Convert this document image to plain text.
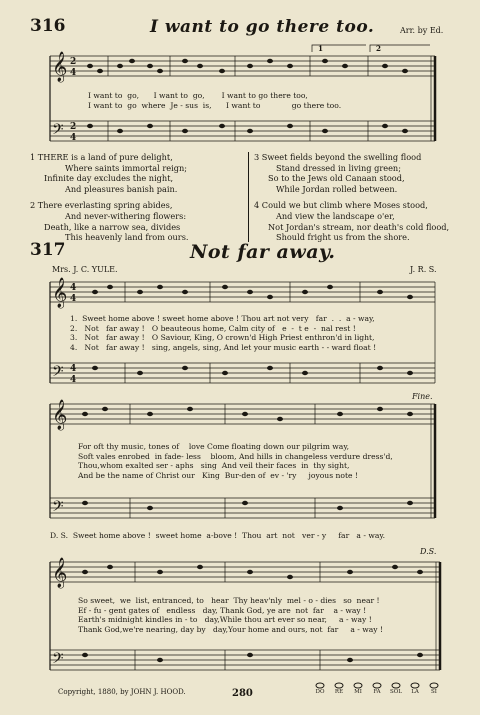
316	I want to go there too.	Arr. by Ed.
𝄞 2
4
𝄢 2
4
𝄞 4
4
𝄢 4
4
𝄞
𝄢
𝄞
𝄢
1	2
I want to  go,      I want to  go,       I want to go there too,
I want to  go  where  Je - sus  is,      I want to             go there too.
1 THERE is a land of pure delight,
Where saints immortal reign;
Infinite day excludes the night,
And pleasures banish pain.
2 There everlasting spring abides,
And never-withering flowers:
Death, like a narrow sea, divides
This heavenly land from ours.
3 Sweet fields beyond the swelling flood
Stand dressed in living green;
So to the Jews old Canaan stood,
While Jordan rolled between.
4 Could we but climb where Moses stood,
And view the landscape o'er,
Not Jordan's stream, nor death's cold flood,
Should fright us from the shore.
317	Not far away.
Mrs. J. C. YULE.	J. R. S.
1.  Sweet home above ! sweet home above ! Thou art not very   far  .  .  a - way,
2.   Not   far away !   O beauteous home, Calm city of   e  -  t e  -  nal rest !
3.   Not   far away !   O Saviour, King, O crown'd High Priest enthron'd in light,
4.   Not   far away !   sing, angels, sing, And let your music earth - - ward float !
Fine.
For oft thy music, tones of    love Come floating down our pilgrim way,
Soft vales enrobed  in fade- less    bloom, And hills in changeless verdure dress'd,
Thou,whom exalted ser - aphs   sing  And veil their faces  in  thy sight,
And be the name of Christ our   King  Bur-den of  ev - 'ry     joyous note !
D. S.  Sweet home above !  sweet home  a-bove !  Thou  art  not   ver - y     far   a - way.
D.S.
So sweet,  we  list, entranced, to   hear  Thy heav'nly  mel - o - dies   so  near !
Ef - fu - gent gates of   endless   day, Thank God, ye are  not  far    a - way !
Earth's midnight kindles in - to   day,While thou art ever so near,     a - way !
Thank God,we're nearing, day by   day,Your home and ours, not  far     a - way !
Copyright, 1880, by JOHN J. HOOD.	280	DO RE MI FA SOL LA SI
